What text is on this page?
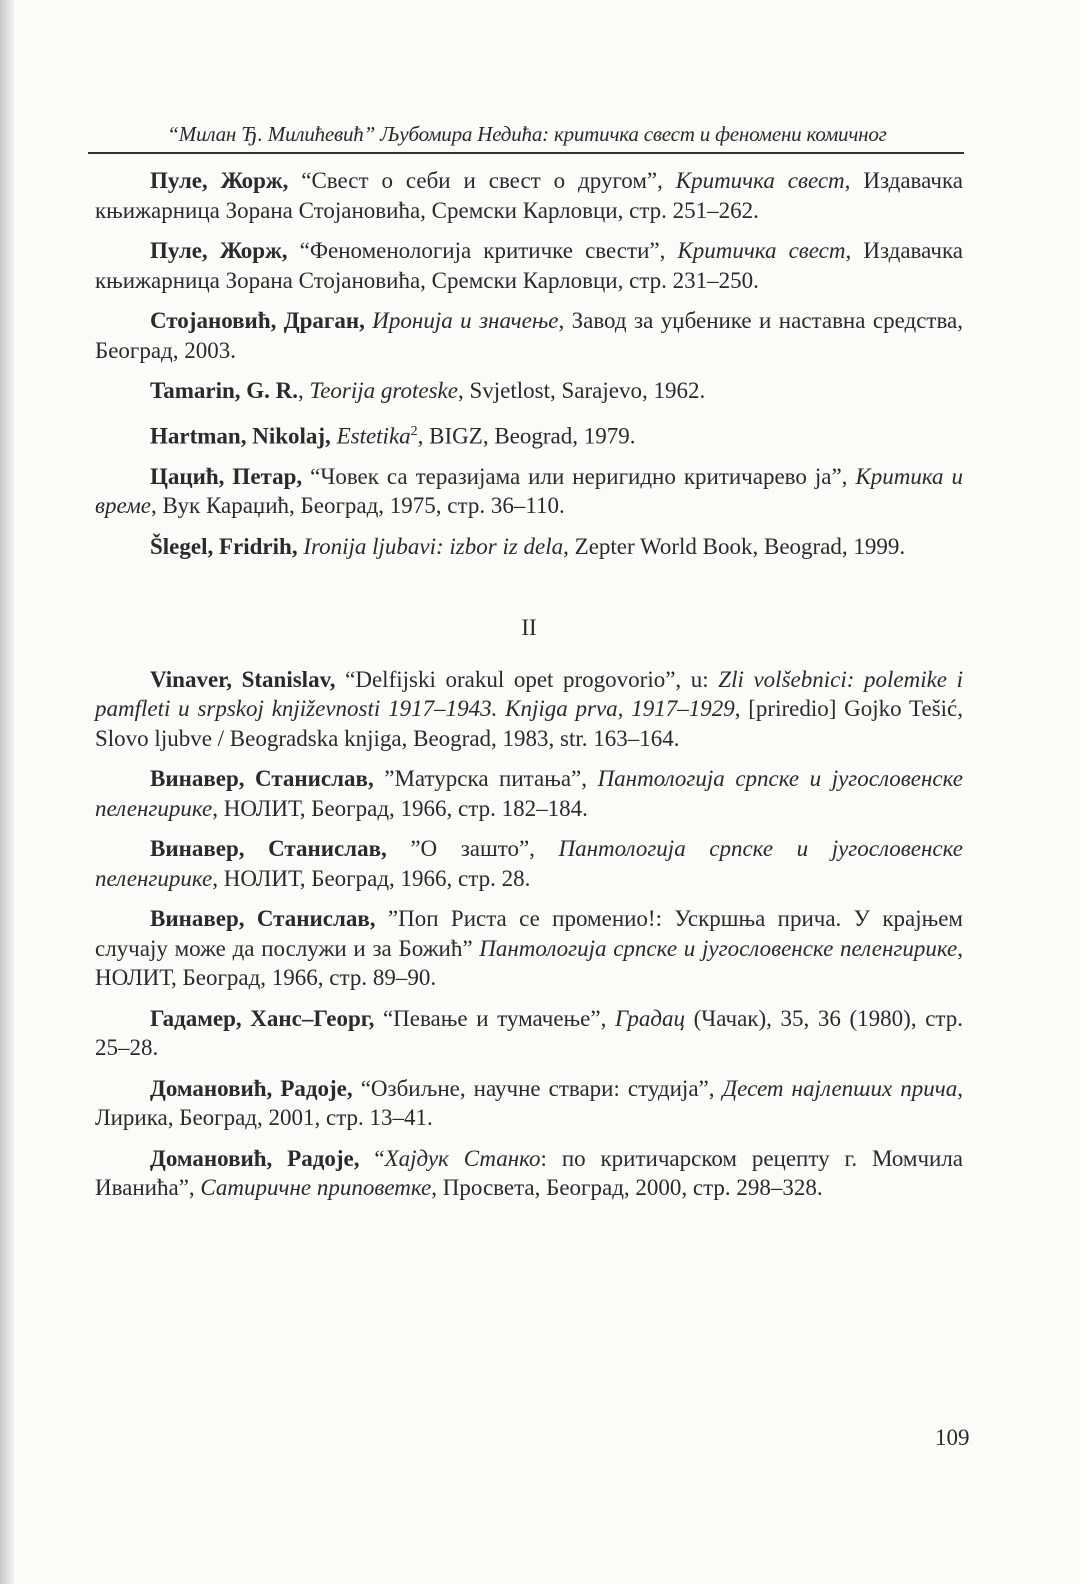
“Милан Ђ. Милићевић” Љубомира Недића: критичка свест и феномени комичног
Пуле, Жорж, “Свест о себи и свест о другом”, Критичка свест, Издавачка књижарница Зорана Стојановића, Сремски Карловци, стр. 251–262.
Пуле, Жорж, “Феноменологија критичке свести”, Критичка свест, Издавачка књижарница Зорана Стојановића, Сремски Карловци, стр. 231–250.
Стојановић, Драган, Иронија и значење, Завод за уџбенике и наставна средства, Београд, 2003.
Tamarin, G. R., Teorija groteske, Svjetlost, Sarajevo, 1962.
Hartman, Nikolaj, Estetika$^2$, BIGZ, Beograd, 1979.
Цацић, Петар, “Човек са теразијама или неригидно критичарево ја”, Критика и време, Вук Караџић, Београд, 1975, стр. 36–110.
Šlegel, Fridrih, Ironija ljubavi: izbor iz dela, Zepter World Book, Beograd, 1999.
II
Vinaver, Stanislav, “Delfijski orakul opet progovorio”, u: Zli volšebnici: polemike i pamfleti u srpskoj književnosti 1917–1943. Knjiga prva, 1917–1929, [priredio] Gojko Tešić, Slovo ljubve / Beogradska knjiga, Beograd, 1983, str. 163–164.
Винавер, Станислав, ”Матурска питања”, Пантологија српске и југословенске пеленгирике, НОЛИТ, Београд, 1966, стр. 182–184.
Винавер, Станислав, ”О зашто”, Пантологија српске и југословенске пеленгирике, НОЛИТ, Београд, 1966, стр. 28.
Винавер, Станислав, ”Поп Риста се променио!: Ускршња прича. У крајњем случају може да послужи и за Божић” Пантологија српске и југословенске пеленгирике, НОЛИТ, Београд, 1966, стр. 89–90.
Гадамер, Ханс–Георг, “Певање и тумачење”, Градац (Чачак), 35, 36 (1980), стр. 25–28.
Домановић, Радоје, “Озбиљне, научне ствари: студија”, Десет најлепших прича, Лирика, Београд, 2001, стр. 13–41.
Домановић, Радоје, “Хајдук Станко: по критичарском рецепту г. Момчила Иванића”, Сатиричне приповетке, Просвета, Београд, 2000, стр. 298–328.
109
